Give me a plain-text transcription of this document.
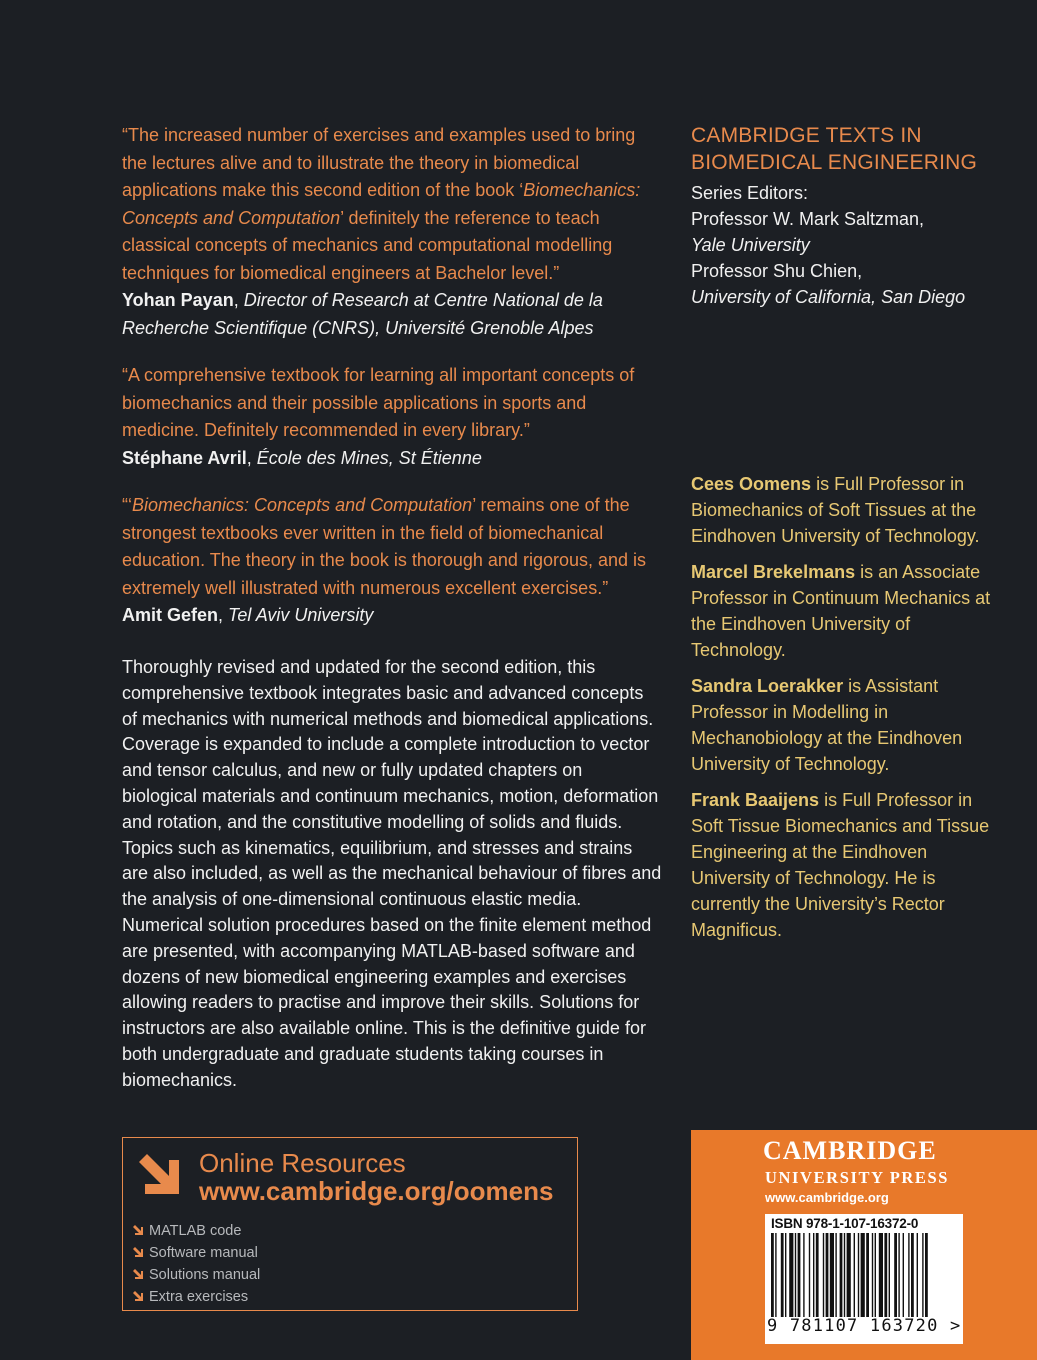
“The increased number of exercises and examples used to bring the lectures alive and to illustrate the theory in biomedical applications make this second edition of the book ‘Biomechanics: Concepts and Computation’ definitely the reference to teach classical concepts of mechanics and computational modelling techniques for biomedical engineers at Bachelor level.”
Yohan Payan, Director of Research at Centre National de la Recherche Scientifique (CNRS), Université Grenoble Alpes
“A comprehensive textbook for learning all important concepts of biomechanics and their possible applications in sports and medicine. Definitely recommended in every library.”
Stéphane Avril, École des Mines, St Étienne
“‘Biomechanics: Concepts and Computation’ remains one of the strongest textbooks ever written in the field of biomechanical education. The theory in the book is thorough and rigorous, and is extremely well illustrated with numerous excellent exercises.”
Amit Gefen, Tel Aviv University
Thoroughly revised and updated for the second edition, this comprehensive textbook integrates basic and advanced concepts of mechanics with numerical methods and biomedical applications. Coverage is expanded to include a complete introduction to vector and tensor calculus, and new or fully updated chapters on biological materials and continuum mechanics, motion, deformation and rotation, and the constitutive modelling of solids and fluids. Topics such as kinematics, equilibrium, and stresses and strains are also included, as well as the mechanical behaviour of fibres and the analysis of one-dimensional continuous elastic media. Numerical solution procedures based on the finite element method are presented, with accompanying MATLAB-based software and dozens of new biomedical engineering examples and exercises allowing readers to practise and improve their skills. Solutions for instructors are also available online. This is the definitive guide for both undergraduate and graduate students taking courses in biomechanics.
CAMBRIDGE TEXTS IN
BIOMEDICAL ENGINEERING
Series Editors:
Professor W. Mark Saltzman,
Yale University
Professor Shu Chien,
University of California, San Diego
Cees Oomens is Full Professor in Biomechanics of Soft Tissues at the Eindhoven University of Technology.
Marcel Brekelmans is an Associate Professor in Continuum Mechanics at the Eindhoven University of Technology.
Sandra Loerakker is Assistant Professor in Modelling in Mechanobiology at the Eindhoven University of Technology.
Frank Baaijens is Full Professor in Soft Tissue Biomechanics and Tissue Engineering at the Eindhoven University of Technology. He is currently the University’s Rector Magnificus.
Online Resources
www.cambridge.org/oomens
MATLAB code
Software manual
Solutions manual
Extra exercises
CAMBRIDGE
UNIVERSITY PRESS
www.cambridge.org
ISBN 978-1-107-16372-0
9 781107 163720 >
